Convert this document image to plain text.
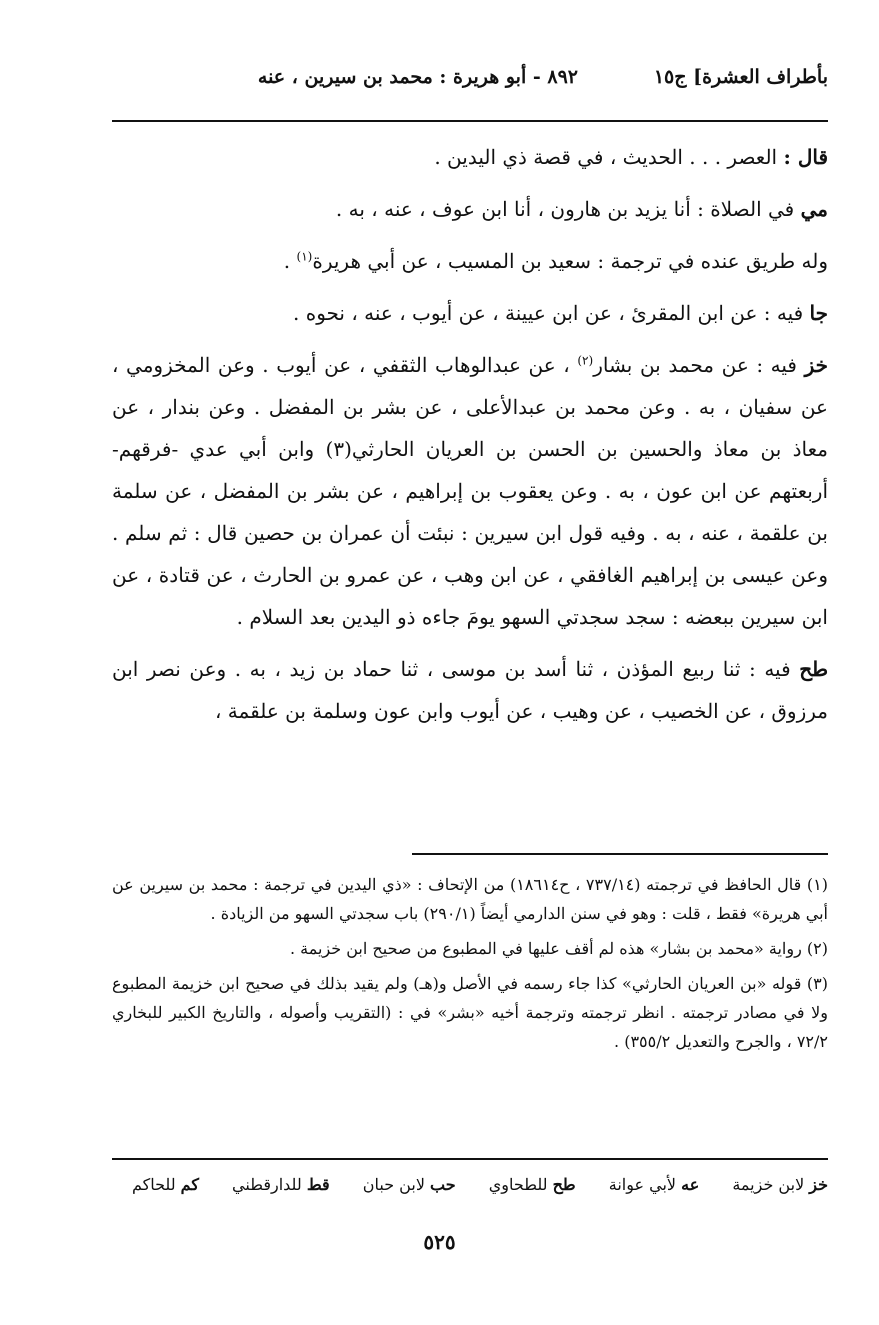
بأطراف العشرة] ج١٥
٨٩٢ - أبو هريرة : محمد بن سيرين ، عنه

قال : العصر . . . الحديث ، في قصة ذي اليدين .

مي في الصلاة : أنا يزيد بن هارون ، أنا ابن عوف ، عنه ، به .

وله طريق عنده في ترجمة : سعيد بن المسيب ، عن أبي هريرة$^{(١)}$ .

جا فيه : عن ابن المقرئ ، عن ابن عيينة ، عن أيوب ، عنه ، نحوه .

خز فيه : عن محمد بن بشار$^{(٢)}$ ، عن عبدالوهاب الثقفي ، عن أيوب . وعن المخزومي ، عن سفيان ، به . وعن محمد بن عبدالأعلى ، عن بشر بن المفضل . وعن بندار ، عن معاذ بن معاذ والحسين بن الحسن بن العريان الحارثي(٣) وابن أبي عدي -فرقهم- أربعتهم عن ابن عون ، به . وعن يعقوب بن إبراهيم ، عن بشر بن المفضل ، عن سلمة بن علقمة ، عنه ، به . وفيه قول ابن سيرين : نبئت أن عمران بن حصين قال : ثم سلم . وعن عيسى بن إبراهيم الغافقي ، عن ابن وهب ، عن عمرو بن الحارث ، عن قتادة ، عن ابن سيرين ببعضه : سجد سجدتي السهو يومَ جاءه ذو اليدين بعد السلام .

طح فيه : ثنا ربيع المؤذن ، ثنا أسد بن موسى ، ثنا حماد بن زيد ، به . وعن نصر ابن مرزوق ، عن الخصيب ، عن وهيب ، عن أيوب وابن عون وسلمة بن علقمة ،

(١) قال الحافظ في ترجمته (٧٣٧/١٤ ، ح١٨٦١٤) من الإتحاف : «ذي اليدين في ترجمة : محمد بن سيرين عن أبي هريرة» فقط ، قلت : وهو في سنن الدارمي أيضاً (٢٩٠/١) باب سجدتي السهو من الزيادة .

(٢) رواية «محمد بن بشار» هذه لم أقف عليها في المطبوع من صحيح ابن خزيمة .

(٣) قوله «بن العريان الحارثي» كذا جاء رسمه في الأصل و(هـ) ولم يقيد بذلك في صحيح ابن خزيمة المطبوع ولا في مصادر ترجمته . انظر ترجمته وترجمة أخيه «بشر» في : (التقريب وأصوله ، والتاريخ الكبير للبخاري ٧٢/٢ ، والجرح والتعديل ٣٥٥/٢) .

خز لابن خزيمة عه لأبي عوانة طح للطحاوي حب لابن حبان قط للدارقطني كم للحاكم
٥٢٥
